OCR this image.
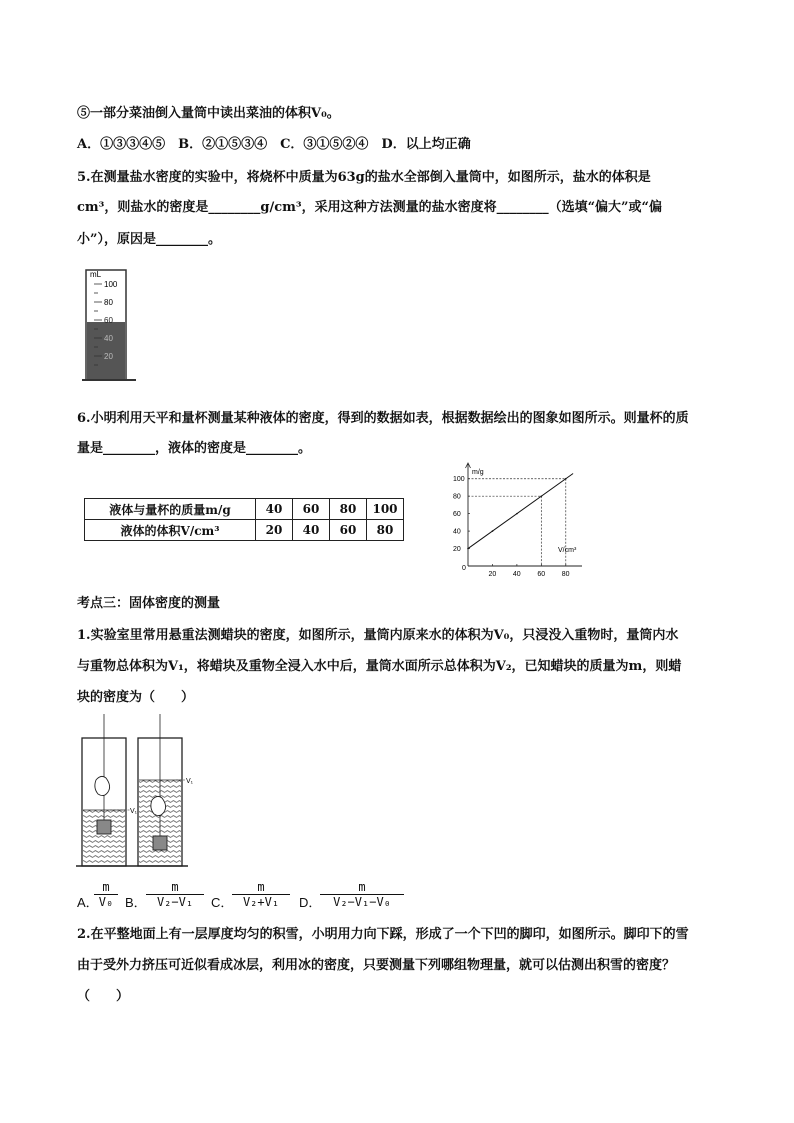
⑤一部分菜油倒入量筒中读出菜油的体积V₀。
A．①③③④⑤　B．②①⑤③④　C．③①⑤②④　D．以上均正确
5.在测量盐水密度的实验中，将烧杯中质量为63g的盐水全部倒入量筒中，如图所示，盐水的体积是
cm³，则盐水的密度是________g/cm³，采用这种方法测量的盐水密度将________（选填“偏大”或“偏
小”），原因是________。
mL
100
80
60
40
20
6.小明利用天平和量杯测量某种液体的密度，得到的数据如表，根据数据绘出的图象如图所示。则量杯的质
量是________，液体的密度是________。
液体与量杯的质量m/g	40	60	80	100
液体的体积V/cm³	20	40	60	80
m/g
V/cm³
0
20 40 60 80
100
80
60
40
20
考点三：固体密度的测量
1.实验室里常用悬重法测蜡块的密度，如图所示，量筒内原来水的体积为V₀，只浸没入重物时，量筒内水
与重物总体积为V₁，将蜡块及重物全浸入水中后，量筒水面所示总体积为V₂，已知蜡块的质量为m，则蜡
块的密度为（　　）
V₁
V₁
A．
$\frac{m}{\text{V₀}}$ B． $\frac{m}{\text{V₂−V₁}}$ C．
$\frac{m}{\text{V₂+V₁}}$ D．
$\frac{m}{\text{V₂−V₁−V₀}}$
2.在平整地面上有一层厚度均匀的积雪，小明用力向下踩，形成了一个下凹的脚印，如图所示。脚印下的雪
由于受外力挤压可近似看成冰层，利用冰的密度，只要测量下列哪组物理量，就可以估测出积雪的密度？
（　　）
